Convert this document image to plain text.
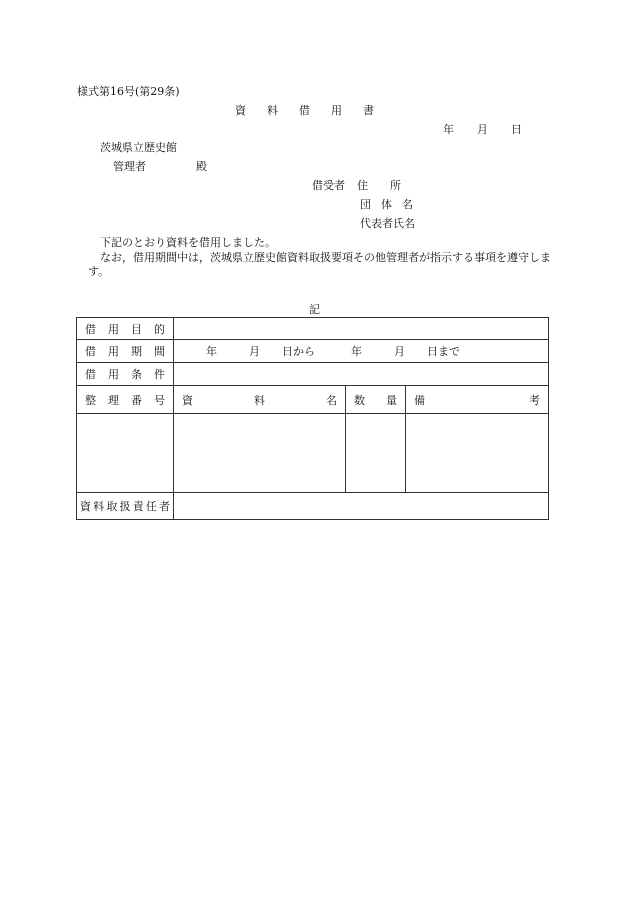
様式第16号(第29条)
資料借用書
年月日
茨城県立歴史館
管理者	殿
借受者 住　　所
団体名
代表者氏名
下記のとおり資料を借用しました。
なお，借用期間中は，茨城県立歴史館資料取扱要項その他管理者が指示する事項を遵守します。
記
借用目的			
借用期間	年 月 日から 年 月 日まで		
借用条件			
整理番号	資 料 名	数量	備 考

資料取扱責任者			
